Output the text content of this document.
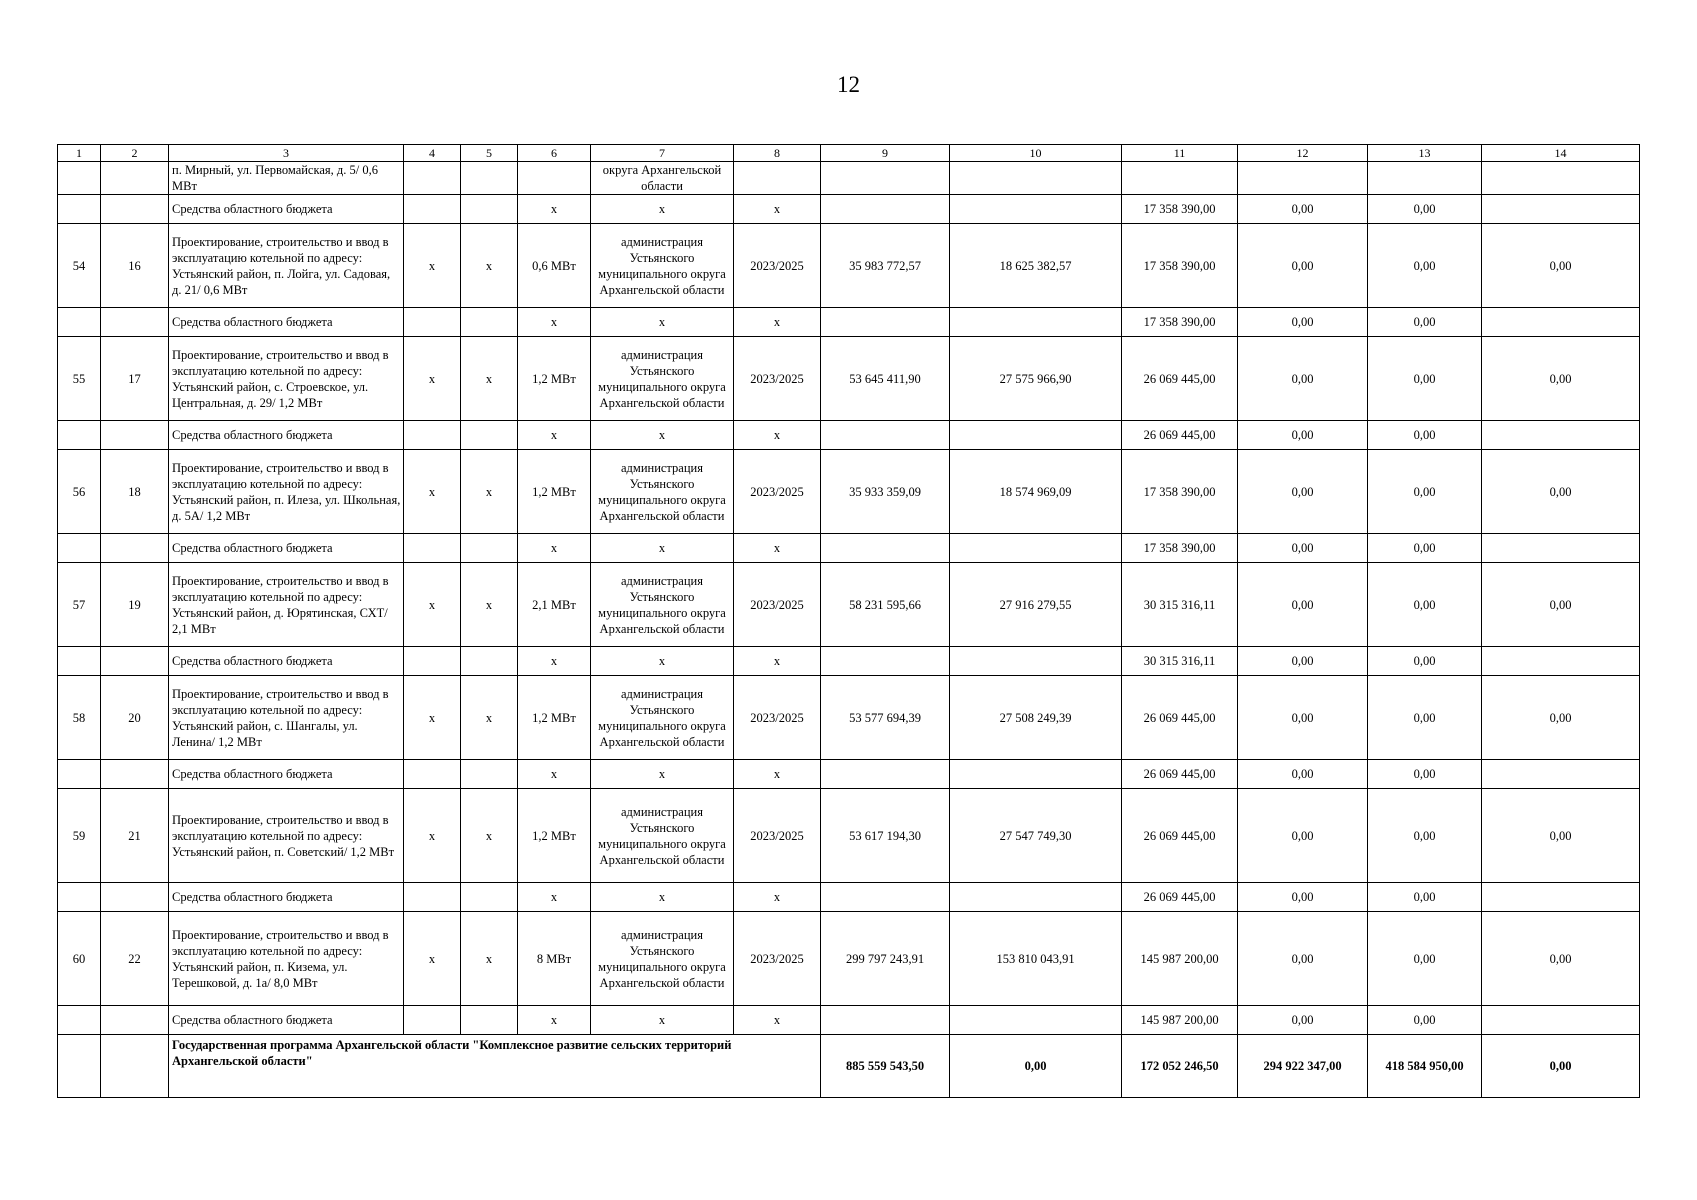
12
1	2	3	4	5	6	7	8	9	10	11	12	13	14
		п. Мирный, ул. Первомайская, д. 5/ 0,6 МВт				округа Архангельской области							
		Средства областного бюджета			х	х	х			17 358 390,00	0,00	0,00	
54	16	Проектирование, строительство и ввод в эксплуатацию котельной по адресу: Устьянский район, п. Лойга, ул. Садовая, д. 21/ 0,6 МВт	х	х	0,6 МВт	администрация Устьянского муниципального округа Архангельской области	2023/2025	35 983 772,57	18 625 382,57	17 358 390,00	0,00	0,00	0,00
		Средства областного бюджета			х	х	х			17 358 390,00	0,00	0,00	
55	17	Проектирование, строительство и ввод в эксплуатацию котельной по адресу: Устьянский район, с. Строевское, ул. Центральная, д. 29/ 1,2 МВт	х	х	1,2 МВт	администрация Устьянского муниципального округа Архангельской области	2023/2025	53 645 411,90	27 575 966,90	26 069 445,00	0,00	0,00	0,00
		Средства областного бюджета			х	х	х			26 069 445,00	0,00	0,00	
56	18	Проектирование, строительство и ввод в эксплуатацию котельной по адресу: Устьянский район, п. Илеза, ул. Школьная, д. 5А/ 1,2 МВт	х	х	1,2 МВт	администрация Устьянского муниципального округа Архангельской области	2023/2025	35 933 359,09	18 574 969,09	17 358 390,00	0,00	0,00	0,00
		Средства областного бюджета			х	х	х			17 358 390,00	0,00	0,00	
57	19	Проектирование, строительство и ввод в эксплуатацию котельной по адресу: Устьянский район, д. Юрятинская, СХТ/ 2,1 МВт	х	х	2,1 МВт	администрация Устьянского муниципального округа Архангельской области	2023/2025	58 231 595,66	27 916 279,55	30 315 316,11	0,00	0,00	0,00
		Средства областного бюджета			х	х	х			30 315 316,11	0,00	0,00	
58	20	Проектирование, строительство и ввод в эксплуатацию котельной по адресу: Устьянский район, с. Шангалы, ул. Ленина/ 1,2 МВт	х	х	1,2 МВт	администрация Устьянского муниципального округа Архангельской области	2023/2025	53 577 694,39	27 508 249,39	26 069 445,00	0,00	0,00	0,00
		Средства областного бюджета			х	х	х			26 069 445,00	0,00	0,00	
59	21	Проектирование, строительство и ввод в эксплуатацию котельной по адресу: Устьянский район, п. Советский/ 1,2 МВт	х	х	1,2 МВт	администрация Устьянского муниципального округа Архангельской области	2023/2025	53 617 194,30	27 547 749,30	26 069 445,00	0,00	0,00	0,00
		Средства областного бюджета			х	х	х			26 069 445,00	0,00	0,00	
60	22	Проектирование, строительство и ввод в эксплуатацию котельной по адресу: Устьянский район, п. Кизема, ул. Терешковой, д. 1а/ 8,0 МВт	х	х	8 МВт	администрация Устьянского муниципального округа Архангельской области	2023/2025	299 797 243,91	153 810 043,91	145 987 200,00	0,00	0,00	0,00
		Средства областного бюджета			х	х	х			145 987 200,00	0,00	0,00	
		Государственная программа Архангельской области "Комплексное развитие сельских территорий Архангельской области"						885 559 543,50	0,00	172 052 246,50	294 922 347,00	418 584 950,00	0,00
